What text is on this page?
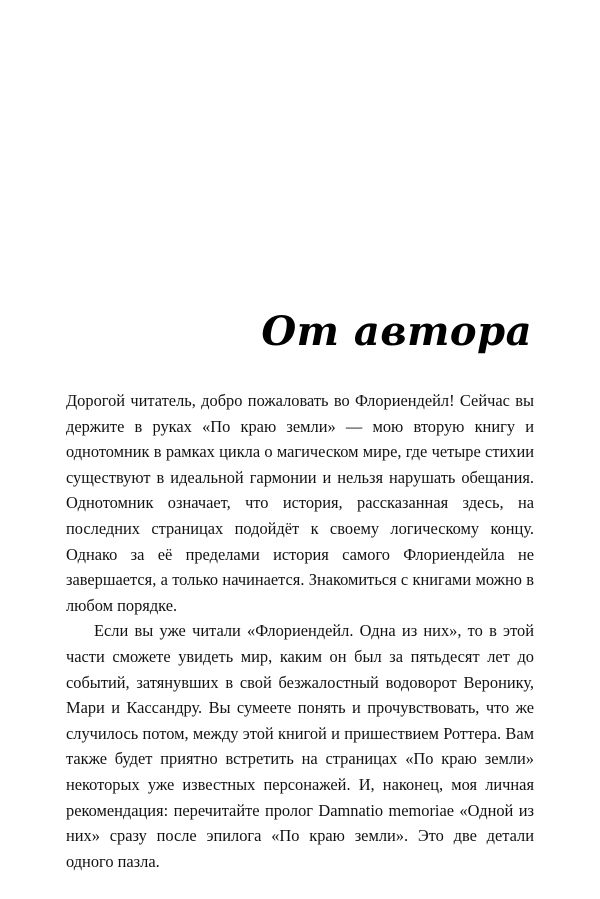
От автора

Дорогой читатель, добро пожаловать во Флориендейл! Сейчас вы держите в руках «По краю земли» — мою вторую книгу и однотомник в рамках цикла о магическом мире, где четыре стихии существуют в идеальной гармонии и нельзя нарушать обещания. Однотомник означает, что история, рассказанная здесь, на последних страницах подойдёт к своему логическому концу. Однако за её пределами история самого Флориендейла не завершается, а только начинается. Знакомиться с книгами можно в любом порядке.

Если вы уже читали «Флориендейл. Одна из них», то в этой части сможете увидеть мир, каким он был за пятьдесят лет до событий, затянувших в свой безжалостный водоворот Веронику, Мари и Кассандру. Вы сумеете понять и прочувствовать, что же случилось потом, между этой книгой и пришествием Роттера. Вам также будет приятно встретить на страницах «По краю земли» некоторых уже известных персонажей. И, наконец, моя личная рекомендация: перечитайте пролог Damnatio memoriae «Одной из них» сразу после эпилога «По краю земли». Это две детали одного пазла.
